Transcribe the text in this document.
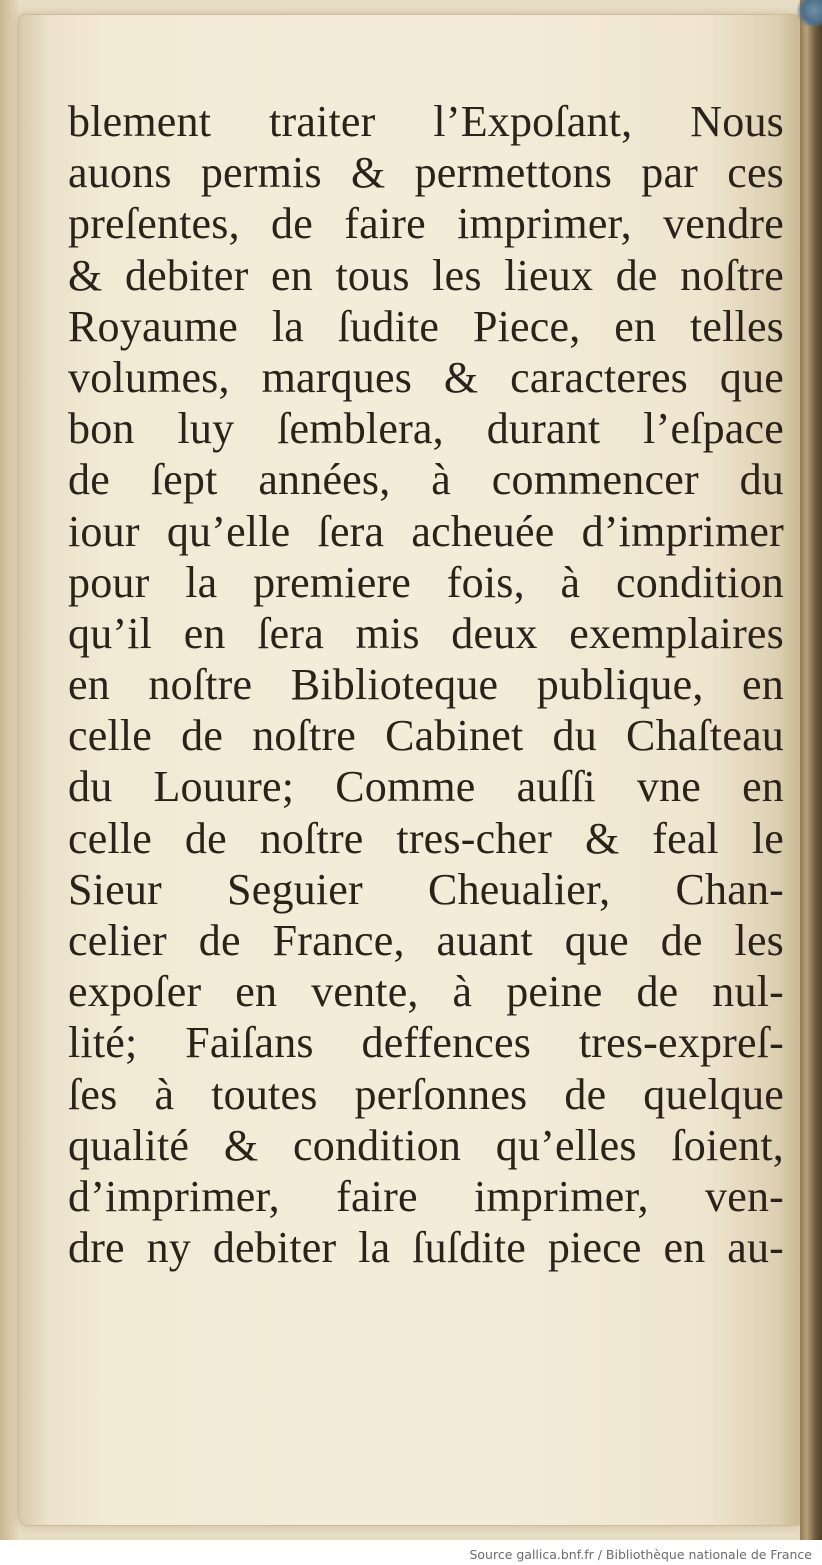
blement traiter l’Expoſant, Nous
auons permis & permettons par ces
preſentes, de faire imprimer, vendre
& debiter en tous les lieux de noſtre
Royaume la ſudite Piece, en telles
volumes, marques & caracteres que
bon luy ſemblera, durant l’eſpace
de ſept années, à commencer du
iour qu’elle ſera acheuée d’imprimer
pour la premiere fois, à condition
qu’il en ſera mis deux exemplaires
en noſtre Biblioteque publique, en
celle de noſtre Cabinet du Chaſteau
du Louure; Comme auſſi vne en
celle de noſtre tres-cher & feal le
Sieur Seguier Cheualier, Chan-
celier de France, auant que de les
expoſer en vente, à peine de nul-
lité; Faiſans deffences tres-expreſ-
ſes à toutes perſonnes de quelque
qualité & condition qu’elles ſoient,
d’imprimer, faire imprimer, ven-
dre ny debiter la ſuſdite piece en au-
Source gallica.bnf.fr / Bibliothèque nationale de France
